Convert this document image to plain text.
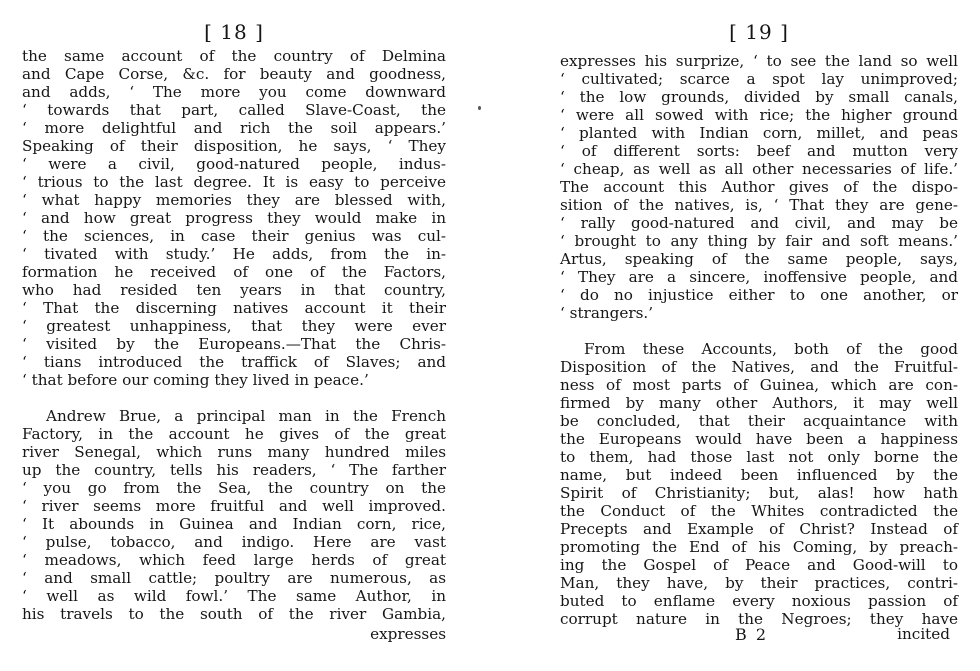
[ 18 ]
the same account of the country of Delmina
and Cape Corse, &c. for beauty and goodness,
and adds, ‘ The more you come downward
‘ towards that part, called Slave-Coast, the
‘ more delightful and rich the soil appears.’
Speaking of their disposition, he says, ‘ They
‘ were a civil, good-natured people, indus-
‘ trious to the last degree. It is easy to perceive
‘ what happy memories they are blessed with,
‘ and how great progress they would make in
‘ the sciences, in case their genius was cul-
‘ tivated with study.’ He adds, from the in-
formation he received of one of the Factors,
who had resided ten years in that country,
‘ That the discerning natives account it their
‘ greatest unhappiness, that they were ever
‘ visited by the Europeans.—That the Chris-
‘ tians introduced the traffick of Slaves; and
‘ that before our coming they lived in peace.’
Andrew Brue, a principal man in the French
Factory, in the account he gives of the great
river Senegal, which runs many hundred miles
up the country, tells his readers, ‘ The farther
‘ you go from the Sea, the country on the
‘ river seems more fruitful and well improved.
‘ It abounds in Guinea and Indian corn, rice,
‘ pulse, tobacco, and indigo. Here are vast
‘ meadows, which feed large herds of great
‘ and small cattle; poultry are numerous, as
‘ well as wild fowl.’ The same Author, in
his travels to the south of the river Gambia,
expresses
[ 19 ]
expresses his surprize, ‘ to see the land so well
‘ cultivated; scarce a spot lay unimproved;
‘ the low grounds, divided by small canals,
‘ were all sowed with rice; the higher ground
‘ planted with Indian corn, millet, and peas
‘ of different sorts: beef and mutton very
‘ cheap, as well as all other necessaries of life.’
The account this Author gives of the dispo-
sition of the natives, is, ‘ That they are gene-
‘ rally good-natured and civil, and may be
‘ brought to any thing by fair and soft means.’
Artus, speaking of the same people, says,
‘ They are a sincere, inoffensive people, and
‘ do no injustice either to one another, or
‘ strangers.’
From these Accounts, both of the good
Disposition of the Natives, and the Fruitful-
ness of most parts of Guinea, which are con-
firmed by many other Authors, it may well
be concluded, that their acquaintance with
the Europeans would have been a happiness
to them, had those last not only borne the
name, but indeed been influenced by the
Spirit of Christianity; but, alas! how hath
the Conduct of the Whites contradicted the
Precepts and Example of Christ? Instead of
promoting the End of his Coming, by preach-
ing the Gospel of Peace and Good-will to
Man, they have, by their practices, contri-
buted to enflame every noxious passion of
corrupt nature in the Negroes; they have
B 2	incited
